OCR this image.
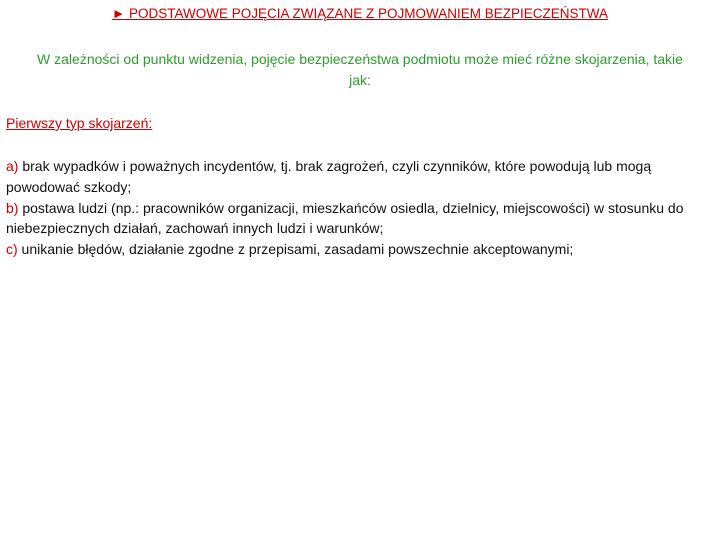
► PODSTAWOWE POJĘCIA ZWIĄZANE Z POJMOWANIEM BEZPIECZEŃSTWA
W zależności od punktu widzenia, pojęcie bezpieczeństwa podmiotu może mieć różne skojarzenia, takie jak:
Pierwszy typ skojarzeń:
a) brak wypadków i poważnych incydentów, tj. brak zagrożeń, czyli czynników, które powodują lub mogą powodować szkody;
b) postawa ludzi (np.: pracowników organizacji, mieszkańców osiedla, dzielnicy, miejscowości) w stosunku do niebezpiecznych działań, zachowań innych ludzi i warunków;
c) unikanie błędów, działanie zgodne z przepisami, zasadami powszechnie akceptowanymi;
